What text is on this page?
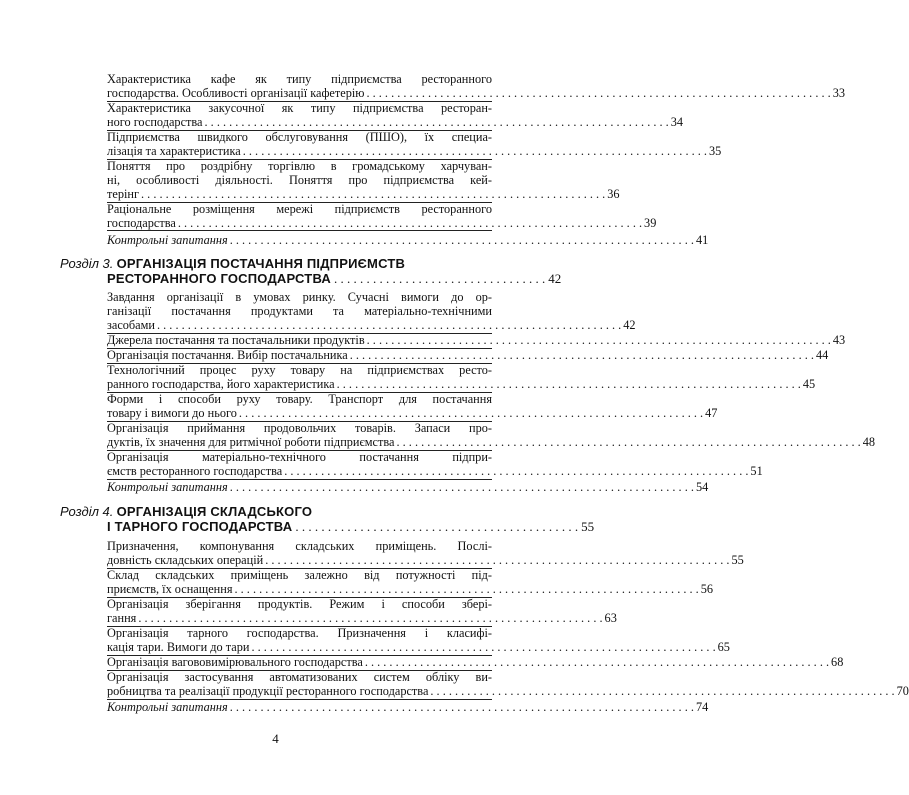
Характеристика кафе як типу підприємства ресторанного
господарства. Особливості організації кафетерію . . .	33
Характеристика закусочної як типу підприємства ресторан-
ного господарства . . .	34
Підприємства швидкого обслуговування (ПШО), їх специа-
лізація та характеристика . . .	35
Поняття про роздрібну торгівлю в громадському харчуван-
ні, особливості діяльності. Поняття про підприємства кей-
терінг . . .	36
Раціональне розміщення мережі підприємств ресторанного
господарства . . .	39
Контрольні запитання . . .	41
Розділ 3. ОРГАНІЗАЦІЯ ПОСТАЧАННЯ ПІДПРИЄМСТВ
РЕСТОРАННОГО ГОСПОДАРСТВА . . . . . . . . . . . . . . . . . . . . . . . . . . . . . . . . . 42
Завдання організації в умовах ринку. Сучасні вимоги до ор-
ганізації постачання продуктами та матеріально-технічними
засобами . . .	42
Джерела постачання та постачальники продуктів . . .	43
Організація постачання. Вибір постачальника . . .	44
Технологічний процес руху товару на підприємствах ресто-
ранного господарства, його характеристика . . .	45
Форми і способи руху товару. Транспорт для постачання
товару і вимоги до нього . . .	47
Організація приймання продовольчих товарів. Запаси про-
дуктів, їх значення для ритмічної роботи підприємства . . .	48
Організація матеріально-технічного постачання підпри-
ємств ресторанного господарства . . .	51
Контрольні запитання . . .	54
Розділ 4. ОРГАНІЗАЦІЯ СКЛАДСЬКОГО
І ТАРНОГО ГОСПОДАРСТВА . . . . . . . . . . . . . . . . . . . . . . . . . . . . . . . . . . . . . . . . . . . . 55
Призначення, компонування складських приміщень. Послі-
довність складських операцій . . .	55
Склад складських приміщень залежно від потужності під-
приємств, їх оснащення . . .	56
Організація зберігання продуктів. Режим і способи збері-
гання . . .	63
Організація тарного господарства. Призначення і класифі-
кація тари. Вимоги до тари . . .	65
Організація вагововимірювального господарства . . .	68
Організація застосування автоматизованих систем обліку ви-
робництва та реалізації продукції ресторанного господарства . . .	70
Контрольні запитання . . .	74
4
